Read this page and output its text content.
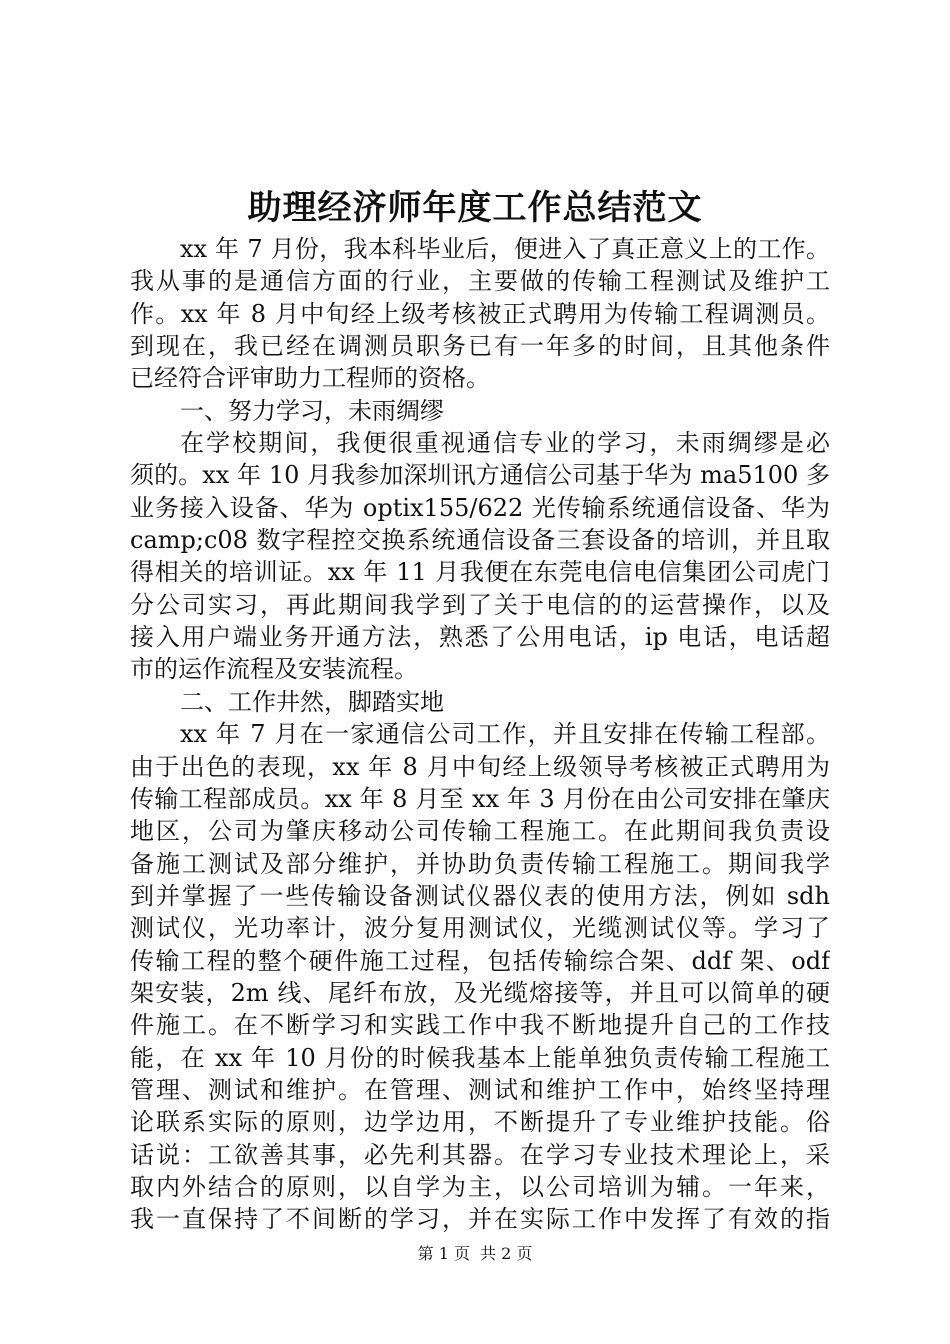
助理经济师年度工作总结范文
xx 年 7 月份，我本科毕业后，便进入了真正意义上的工作。
我从事的是通信方面的行业，主要做的传输工程测试及维护工
作。xx 年 8 月中旬经上级考核被正式聘用为传输工程调测员。
到现在，我已经在调测员职务已有一年多的时间，且其他条件
已经符合评审助力工程师的资格。
一、努力学习，未雨绸缪
在学校期间，我便很重视通信专业的学习，未雨绸缪是必
须的。xx 年 10 月我参加深圳讯方通信公司基于华为 ma5100 多
业务接入设备、华为 optix155/622 光传输系统通信设备、华为
camp;c08 数字程控交换系统通信设备三套设备的培训，并且取
得相关的培训证。xx 年 11 月我便在东莞电信电信集团公司虎门
分公司实习，再此期间我学到了关于电信的的运营操作，以及
接入用户端业务开通方法，熟悉了公用电话，ip 电话，电话超
市的运作流程及安装流程。
二、工作井然，脚踏实地
xx 年 7 月在一家通信公司工作，并且安排在传输工程部。
由于出色的表现，xx 年 8 月中旬经上级领导考核被正式聘用为
传输工程部成员。xx 年 8 月至 xx 年 3 月份在由公司安排在肇庆
地区，公司为肇庆移动公司传输工程施工。在此期间我负责设
备施工测试及部分维护，并协助负责传输工程施工。期间我学
到并掌握了一些传输设备测试仪器仪表的使用方法，例如 sdh
测试仪，光功率计，波分复用测试仪，光缆测试仪等。学习了
传输工程的整个硬件施工过程，包括传输综合架、ddf 架、odf
架安装，2m 线、尾纤布放，及光缆熔接等，并且可以简单的硬
件施工。在不断学习和实践工作中我不断地提升自己的工作技
能，在 xx 年 10 月份的时候我基本上能单独负责传输工程施工
管理、测试和维护。在管理、测试和维护工作中，始终坚持理
论联系实际的原则，边学边用，不断提升了专业维护技能。俗
话说：工欲善其事，必先利其器。在学习专业技术理论上，采
取内外结合的原则，以自学为主，以公司培训为辅。一年来，
我一直保持了不间断的学习，并在实际工作中发挥了有效的指
第 1 页 共 2 页
